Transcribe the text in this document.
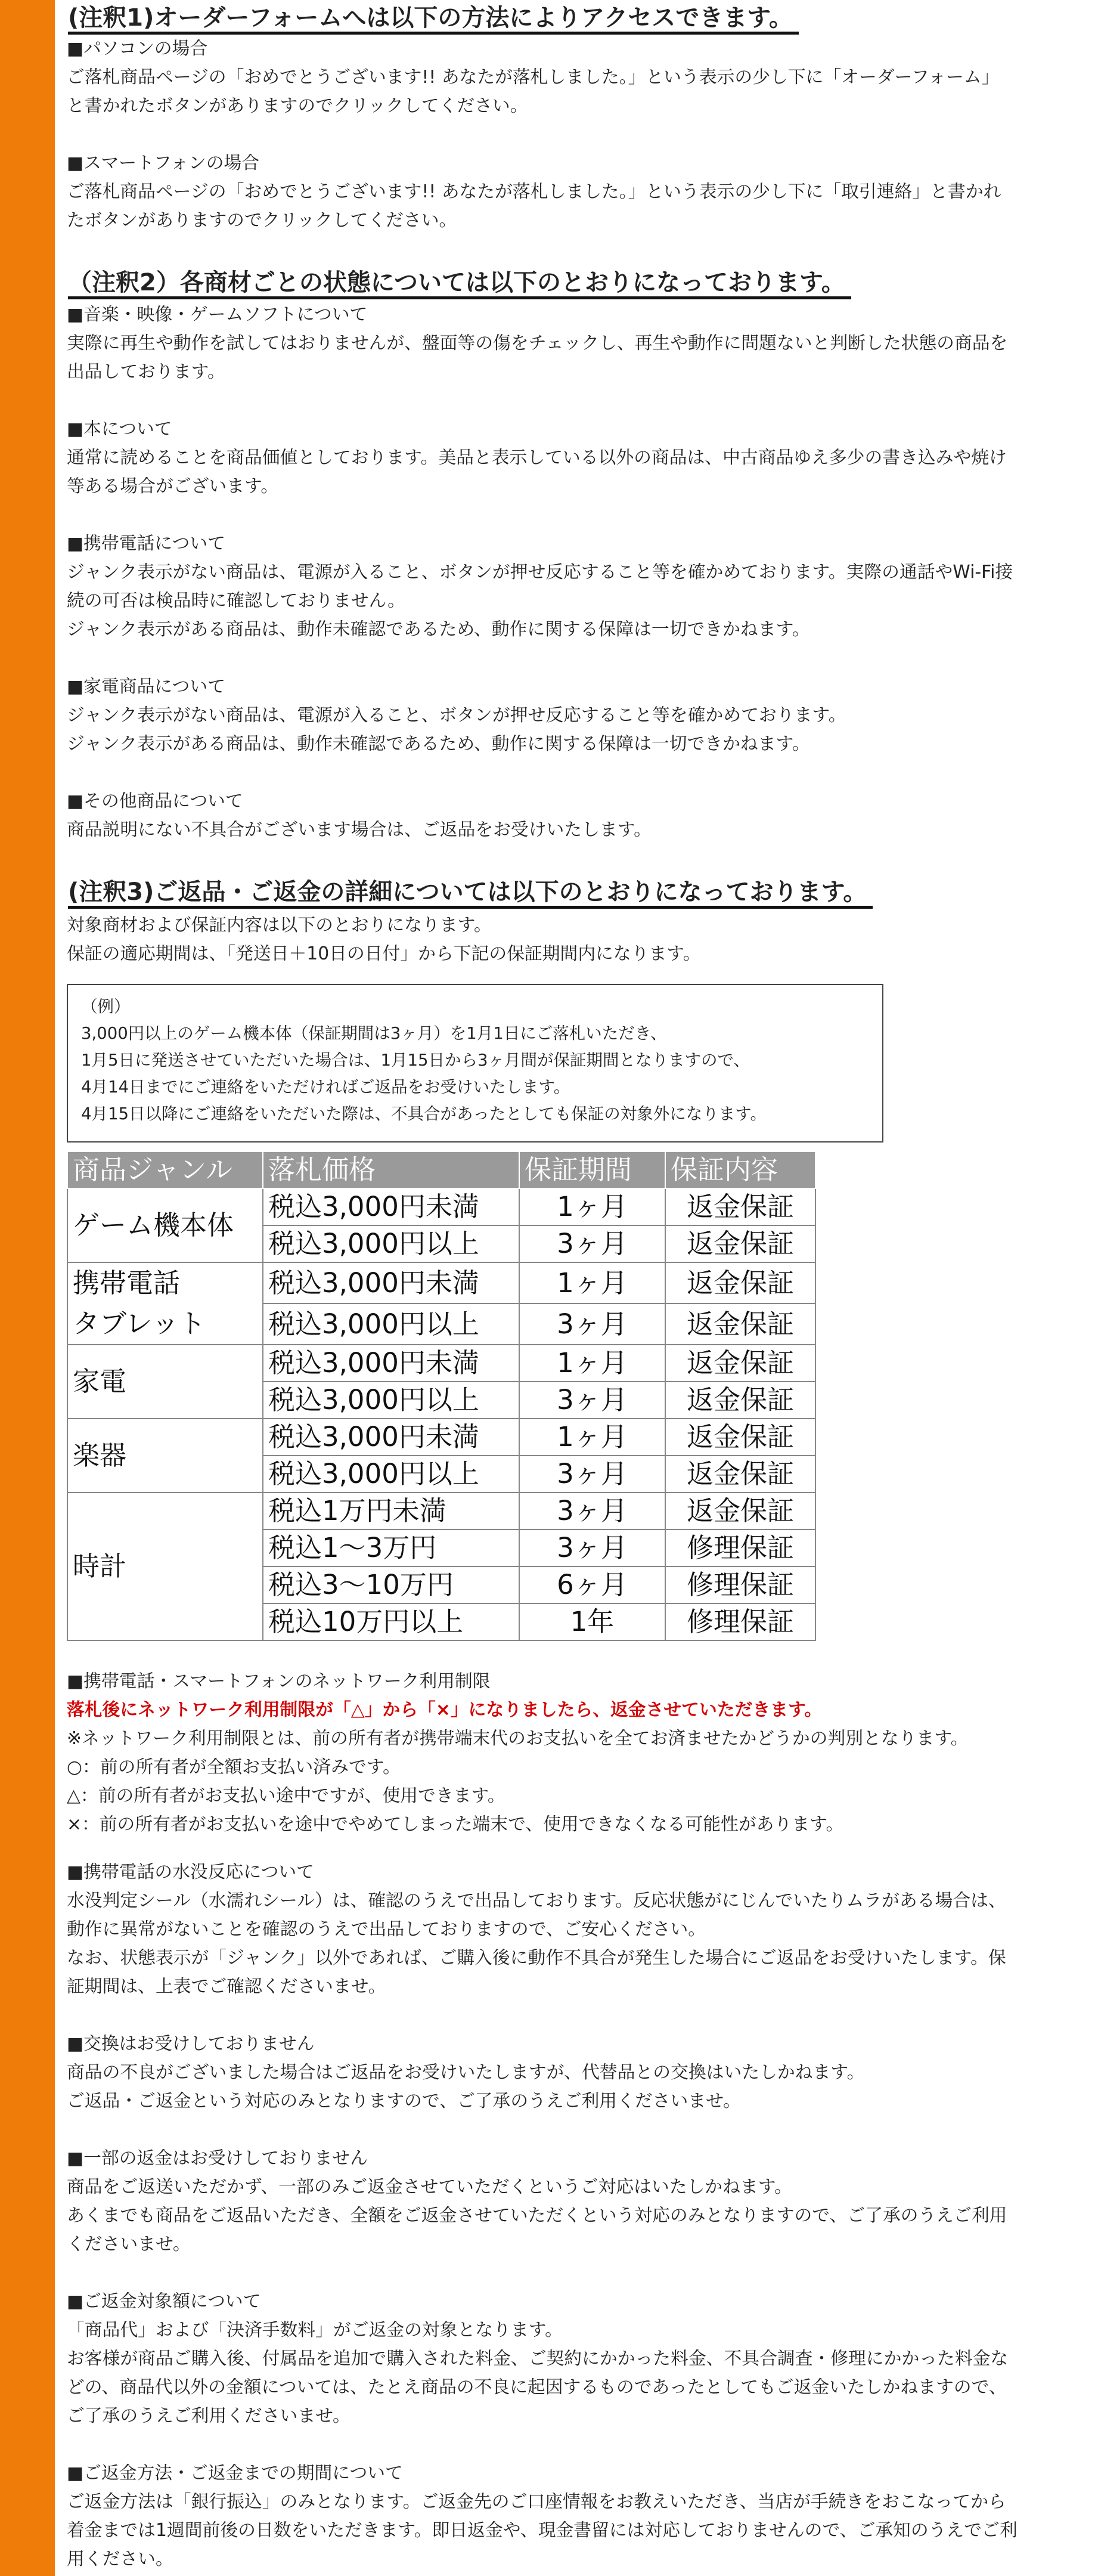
(注釈1)オーダーフォームへは以下の方法によりアクセスできます。
■パソコンの場合
ご落札商品ページの「おめでとうございます!! あなたが落札しました。」という表示の少し下に「オーダーフォーム」
と書かれたボタンがありますのでクリックしてください。
■スマートフォンの場合
ご落札商品ページの「おめでとうございます!! あなたが落札しました。」という表示の少し下に「取引連絡」と書かれ
たボタンがありますのでクリックしてください。
（注釈2）各商材ごとの状態については以下のとおりになっております。
■音楽・映像・ゲームソフトについて
実際に再生や動作を試してはおりませんが、盤面等の傷をチェックし、再生や動作に問題ないと判断した状態の商品を
出品しております。
■本について
通常に読めることを商品価値としております。美品と表示している以外の商品は、中古商品ゆえ多少の書き込みや焼け
等ある場合がございます。
■携帯電話について
ジャンク表示がない商品は、電源が入ること、ボタンが押せ反応すること等を確かめております。実際の通話やWi-Fi接
続の可否は検品時に確認しておりません。
ジャンク表示がある商品は、動作未確認であるため、動作に関する保障は一切できかねます。
■家電商品について
ジャンク表示がない商品は、電源が入ること、ボタンが押せ反応すること等を確かめております。
ジャンク表示がある商品は、動作未確認であるため、動作に関する保障は一切できかねます。
■その他商品について
商品説明にない不具合がございます場合は、ご返品をお受けいたします。
(注釈3)ご返品・ご返金の詳細については以下のとおりになっております。
対象商材および保証内容は以下のとおりになります。
保証の適応期間は、「発送日＋10日の日付」から下記の保証期間内になります。
（例）
3,000円以上のゲーム機本体（保証期間は3ヶ月）を1月1日にご落札いただき、
1月5日に発送させていただいた場合は、1月15日から3ヶ月間が保証期間となりますので、
4月14日までにご連絡をいただければご返品をお受けいたします。
4月15日以降にご連絡をいただいた際は、不具合があったとしても保証の対象外になります。
商品ジャンル	落札価格	保証期間	保証内容

ゲーム機本体	税込3,000円未満	1ヶ月	返金保証
	税込3,000円以上	3ヶ月	返金保証

携帯電話
タブレット	税込3,000円未満	1ヶ月	返金保証
	税込3,000円以上	3ヶ月	返金保証

家電	税込3,000円未満	1ヶ月	返金保証
	税込3,000円以上	3ヶ月	返金保証

楽器	税込3,000円未満	1ヶ月	返金保証
	税込3,000円以上	3ヶ月	返金保証

時計	税込1万円未満	3ヶ月	返金保証
	税込1～3万円	3ヶ月	修理保証
	税込3～10万円	6ヶ月	修理保証
	税込10万円以上	1年	修理保証
■携帯電話・スマートフォンのネットワーク利用制限
落札後にネットワーク利用制限が「△」から「×」になりましたら、返金させていただきます。
※ネットワーク利用制限とは、前の所有者が携帯端末代のお支払いを全てお済ませたかどうかの判別となります。
○：前の所有者が全額お支払い済みです。
△：前の所有者がお支払い途中ですが、使用できます。
×：前の所有者がお支払いを途中でやめてしまった端末で、使用できなくなる可能性があります。
■携帯電話の水没反応について
水没判定シール（水濡れシール）は、確認のうえで出品しております。反応状態がにじんでいたりムラがある場合は、
動作に異常がないことを確認のうえで出品しておりますので、ご安心ください。
なお、状態表示が「ジャンク」以外であれば、ご購入後に動作不具合が発生した場合にご返品をお受けいたします。保
証期間は、上表でご確認くださいませ。
■交換はお受けしておりません
商品の不良がございました場合はご返品をお受けいたしますが、代替品との交換はいたしかねます。
ご返品・ご返金という対応のみとなりますので、ご了承のうえご利用くださいませ。
■一部の返金はお受けしておりません
商品をご返送いただかず、一部のみご返金させていただくというご対応はいたしかねます。
あくまでも商品をご返品いただき、全額をご返金させていただくという対応のみとなりますので、ご了承のうえご利用
くださいませ。
■ご返金対象額について
「商品代」および「決済手数料」がご返金の対象となります。
お客様が商品ご購入後、付属品を追加で購入された料金、ご契約にかかった料金、不具合調査・修理にかかった料金な
どの、商品代以外の金額については、たとえ商品の不良に起因するものであったとしてもご返金いたしかねますので、
ご了承のうえご利用くださいませ。
■ご返金方法・ご返金までの期間について
ご返金方法は「銀行振込」のみとなります。ご返金先のご口座情報をお教えいただき、当店が手続きをおこなってから
着金までは1週間前後の日数をいただきます。即日返金や、現金書留には対応しておりませんので、ご承知のうえでご利
用ください。
